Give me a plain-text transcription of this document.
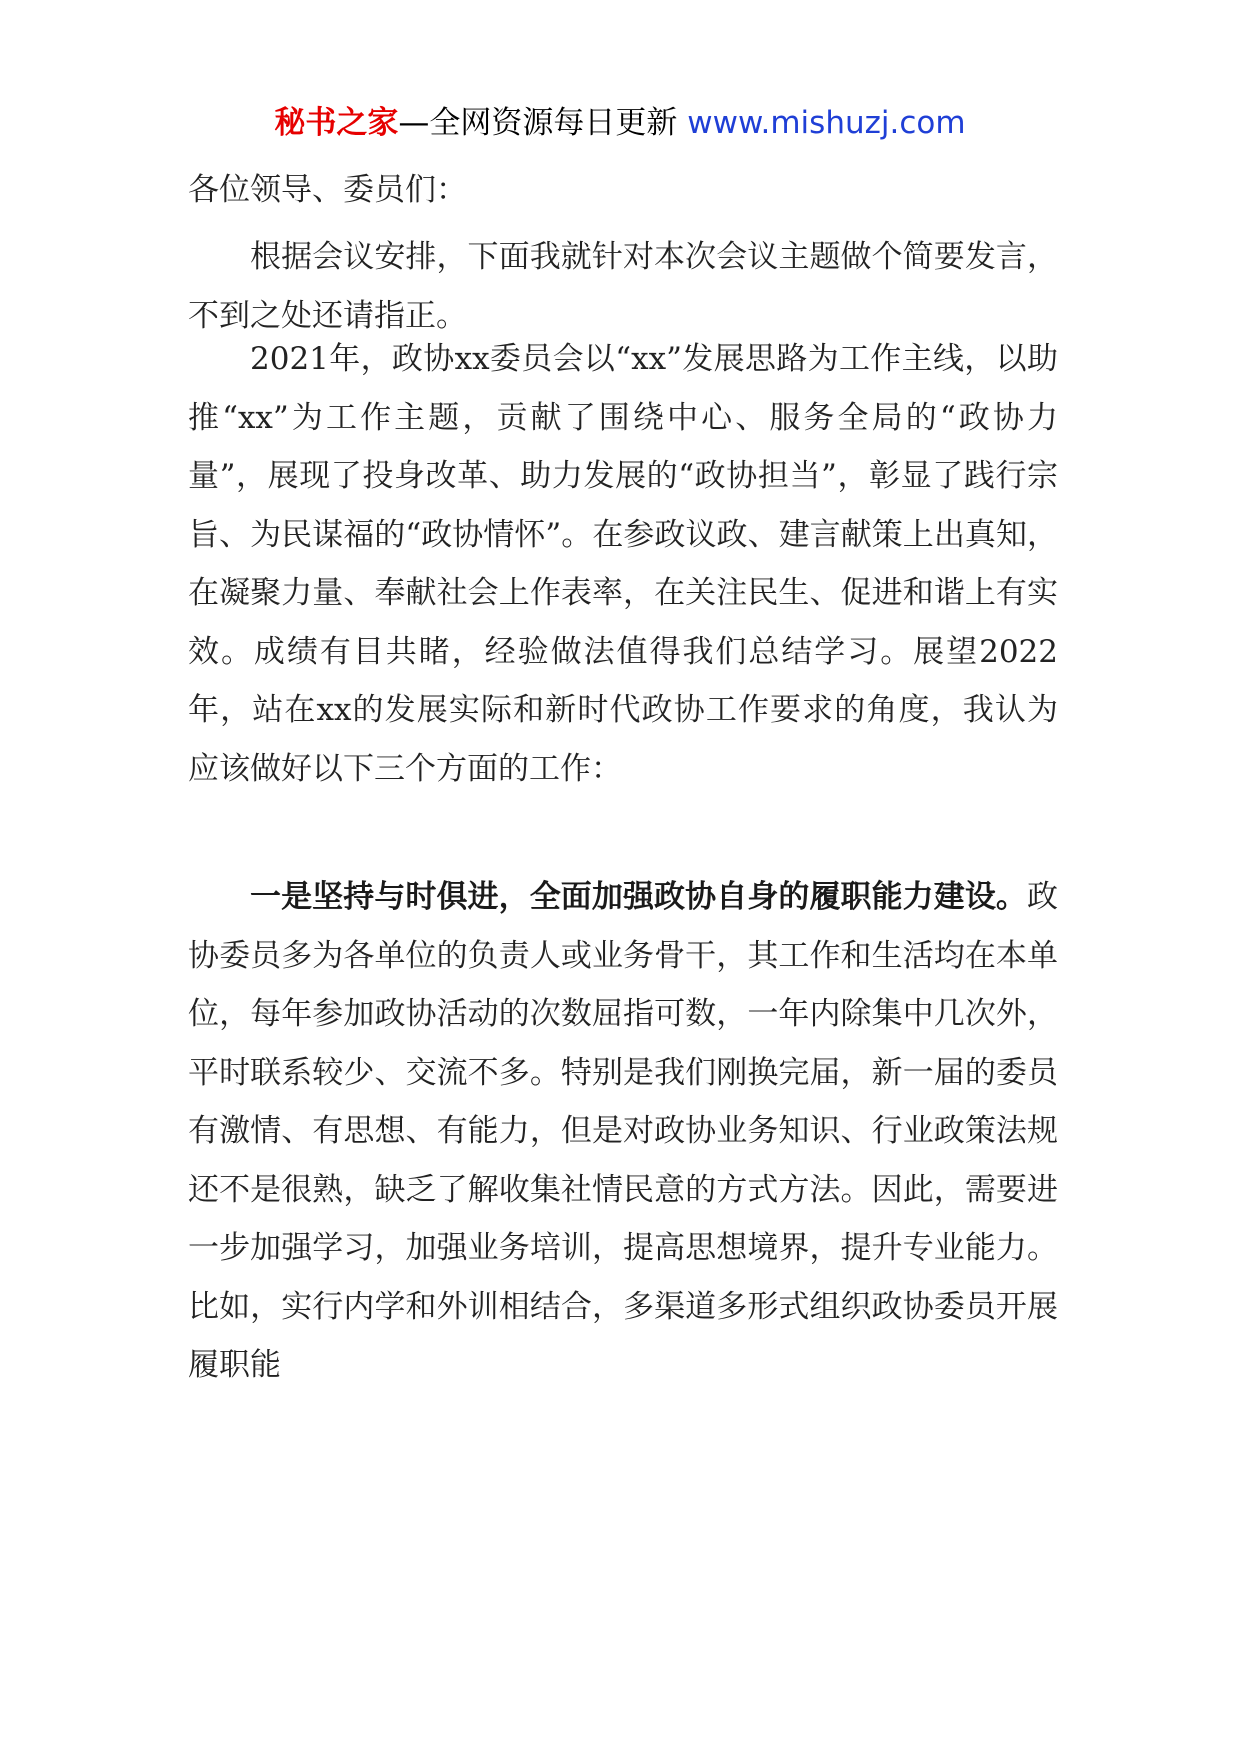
秘书之家—全网资源每日更新 www.mishuzj.com
各位领导、委员们：

根据会议安排，下面我就针对本次会议主题做个简要发言，不到之处还请指正。

2021年，政协xx委员会以“xx”发展思路为工作主线，以助推“xx”为工作主题，贡献了围绕中心、服务全局的“政协力量”，展现了投身改革、助力发展的“政协担当”，彰显了践行宗旨、为民谋福的“政协情怀”。在参政议政、建言献策上出真知，在凝聚力量、奉献社会上作表率，在关注民生、促进和谐上有实效。成绩有目共睹，经验做法值得我们总结学习。展望2022年，站在xx的发展实际和新时代政协工作要求的角度，我认为应该做好以下三个方面的工作：

一是坚持与时俱进，全面加强政协自身的履职能力建设。政协委员多为各单位的负责人或业务骨干，其工作和生活均在本单位，每年参加政协活动的次数屈指可数，一年内除集中几次外，平时联系较少、交流不多。特别是我们刚换完届，新一届的委员有激情、有思想、有能力，但是对政协业务知识、行业政策法规还不是很熟，缺乏了解收集社情民意的方式方法。因此，需要进一步加强学习，加强业务培训，提高思想境界，提升专业能力。比如，实行内学和外训相结合，多渠道多形式组织政协委员开展履职能
